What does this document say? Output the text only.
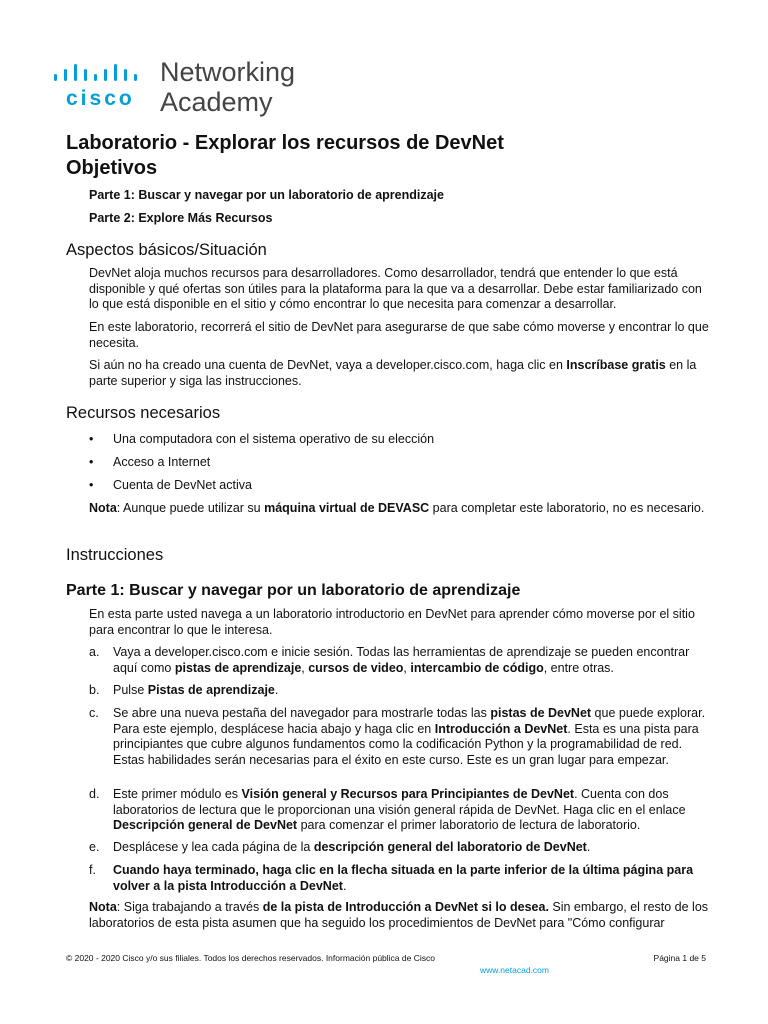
cisco
Networking
Academy
Laboratorio - Explorar los recursos de DevNet
Objetivos
Parte 1: Buscar y navegar por un laboratorio de aprendizaje
Parte 2: Explore Más Recursos
Aspectos básicos/Situación
DevNet aloja muchos recursos para desarrolladores. Como desarrollador, tendrá que entender lo que está disponible y qué ofertas son útiles para la plataforma para la que va a desarrollar. Debe estar familiarizado con lo que está disponible en el sitio y cómo encontrar lo que necesita para comenzar a desarrollar.
En este laboratorio, recorrerá el sitio de DevNet para asegurarse de que sabe cómo moverse y encontrar lo que necesita.
Si aún no ha creado una cuenta de DevNet, vaya a developer.cisco.com, haga clic en Inscríbase gratis en la parte superior y siga las instrucciones.
Recursos necesarios
• Una computadora con el sistema operativo de su elección
• Acceso a Internet
• Cuenta de DevNet activa
Nota: Aunque puede utilizar su máquina virtual de DEVASC para completar este laboratorio, no es necesario.
Instrucciones
Parte 1: Buscar y navegar por un laboratorio de aprendizaje
En esta parte usted navega a un laboratorio introductorio en DevNet para aprender cómo moverse por el sitio para encontrar lo que le interesa.
a. Vaya a developer.cisco.com e inicie sesión. Todas las herramientas de aprendizaje se pueden encontrar aquí como pistas de aprendizaje, cursos de video, intercambio de código, entre otras.
b. Pulse Pistas de aprendizaje.
c. Se abre una nueva pestaña del navegador para mostrarle todas las pistas de DevNet que puede explorar. Para este ejemplo, desplácese hacia abajo y haga clic en Introducción a DevNet. Esta es una pista para principiantes que cubre algunos fundamentos como la codificación Python y la programabilidad de red. Estas habilidades serán necesarias para el éxito en este curso. Este es un gran lugar para empezar.
d. Este primer módulo es Visión general y Recursos para Principiantes de DevNet. Cuenta con dos laboratorios de lectura que le proporcionan una visión general rápida de DevNet. Haga clic en el enlace Descripción general de DevNet para comenzar el primer laboratorio de lectura de laboratorio.
e. Desplácese y lea cada página de la descripción general del laboratorio de DevNet.
f. Cuando haya terminado, haga clic en la flecha situada en la parte inferior de la última página para volver a la pista Introducción a DevNet.
Nota: Siga trabajando a través de la pista de Introducción a DevNet si lo desea. Sin embargo, el resto de los laboratorios de esta pista asumen que ha seguido los procedimientos de DevNet para "Cómo configurar
© 2020 - 2020 Cisco y/o sus filiales. Todos los derechos reservados. Información pública de Cisco	Página 1 de 5
www.netacad.com
